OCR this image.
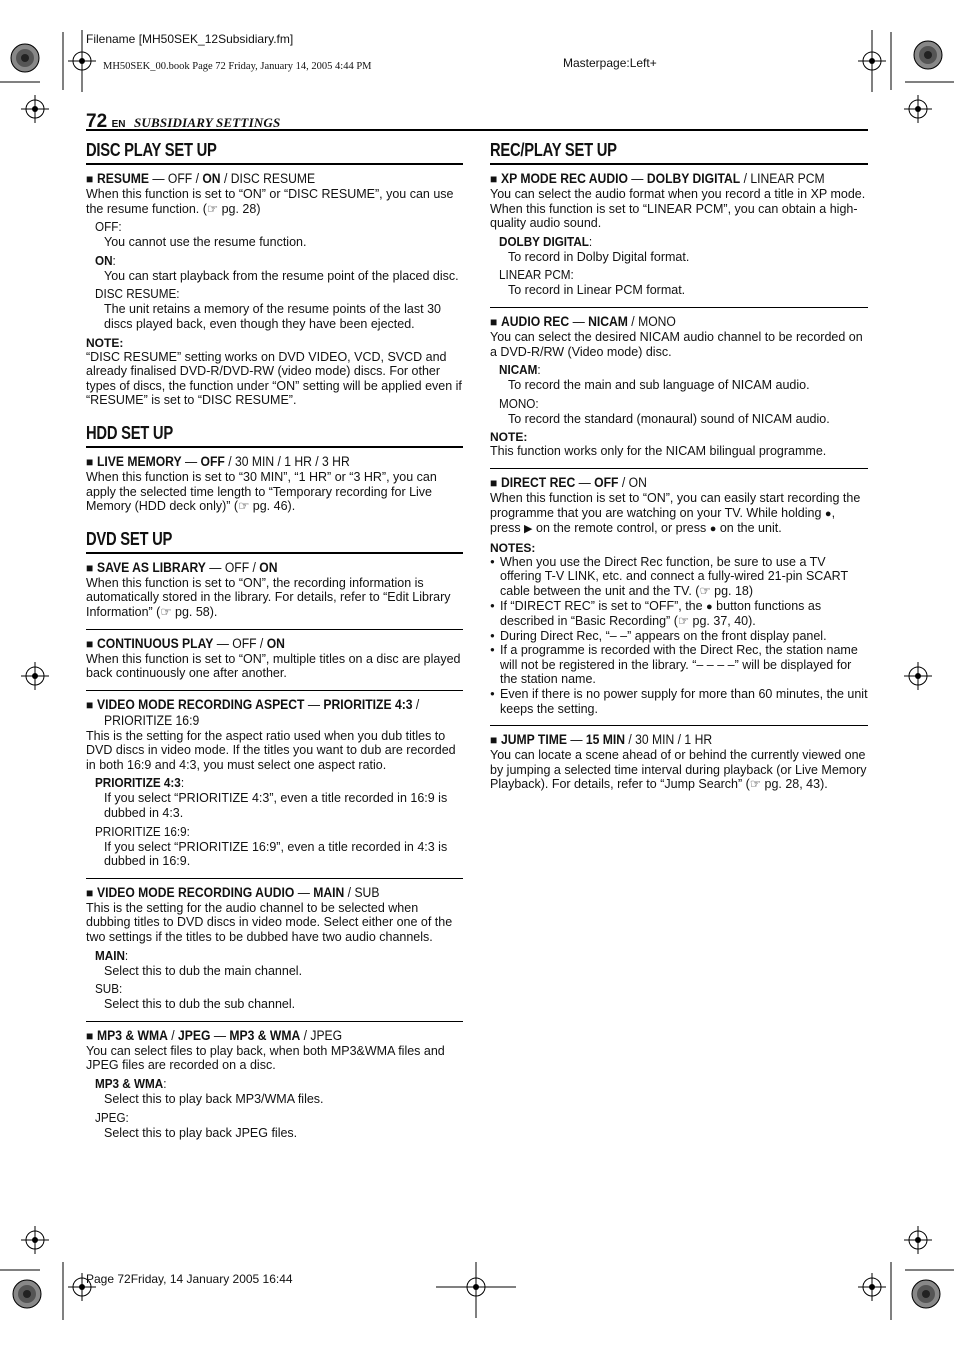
Filename [MH50SEK_12Subsidiary.fm]
MH50SEK_00.book Page 72 Friday, January 14, 2005 4:44 PM	Masterpage:Left+
72 EN SUBSIDIARY SETTINGS
DISC PLAY SET UP
■ RESUME — OFF / ON / DISC RESUME

When this function is set to “ON” or “DISC RESUME”, you can use the resume function. (☞ pg. 28)

OFF:

You cannot use the resume function.

ON:

You can start playback from the resume point of the placed disc.

DISC RESUME:

The unit retains a memory of the resume points of the last 30 discs played back, even though they have been ejected.

NOTE:

“DISC RESUME” setting works on DVD VIDEO, VCD, SVCD and already finalised DVD-R/DVD-RW (video mode) discs. For other types of discs, the function under “ON” setting will be applied even if “RESUME” is set to “DISC RESUME”.

HDD SET UP
■ LIVE MEMORY — OFF / 30 MIN / 1 HR / 3 HR

When this function is set to “30 MIN”, “1 HR” or “3 HR”, you can apply the selected time length to “Temporary recording for Live Memory (HDD deck only)” (☞ pg. 46).

DVD SET UP
■ SAVE AS LIBRARY — OFF / ON

When this function is set to “ON”, the recording information is automatically stored in the library. For details, refer to “Edit Library Information” (☞ pg. 58).

■ CONTINUOUS PLAY — OFF / ON

When this function is set to “ON”, multiple titles on a disc are played back continuously one after another.

■ VIDEO MODE RECORDING ASPECT — PRIORITIZE 4:3 /
PRIORITIZE 16:9

This is the setting for the aspect ratio used when you dub titles to DVD discs in video mode. If the titles you want to dub are recorded in both 16:9 and 4:3, you must select one aspect ratio.

PRIORITIZE 4:3:

If you select “PRIORITIZE 4:3”, even a title recorded in 16:9 is dubbed in 4:3.

PRIORITIZE 16:9:

If you select “PRIORITIZE 16:9”, even a title recorded in 4:3 is dubbed in 16:9.

■ VIDEO MODE RECORDING AUDIO — MAIN / SUB

This is the setting for the audio channel to be selected when dubbing titles to DVD discs in video mode. Select either one of the two settings if the titles to be dubbed have two audio channels.

MAIN:

Select this to dub the main channel.

SUB:

Select this to dub the sub channel.

■ MP3 & WMA / JPEG — MP3 & WMA / JPEG

You can select files to play back, when both MP3&WMA files and JPEG files are recorded on a disc.

MP3 & WMA:

Select this to play back MP3/WMA files.

JPEG:

Select this to play back JPEG files.

REC/PLAY SET UP
■ XP MODE REC AUDIO — DOLBY DIGITAL / LINEAR PCM

You can select the audio format when you record a title in XP mode. When this function is set to “LINEAR PCM”, you can obtain a high-quality audio sound.

DOLBY DIGITAL:

To record in Dolby Digital format.

LINEAR PCM:

To record in Linear PCM format.

■ AUDIO REC — NICAM / MONO

You can select the desired NICAM audio channel to be recorded on a DVD-R/RW (Video mode) disc.

NICAM:

To record the main and sub language of NICAM audio.

MONO:

To record the standard (monaural) sound of NICAM audio.

NOTE:

This function works only for the NICAM bilingual programme.

■ DIRECT REC — OFF / ON

When this function is set to “ON”, you can easily start recording the programme that you are watching on your TV. While holding ●, press ▶ on the remote control, or press ● on the unit.

NOTES:
● When you use the Direct Rec function, be sure to use a TV offering T-V LINK, etc. and connect a fully-wired 21-pin SCART cable between the unit and the TV. (☞ pg. 18)
● If “DIRECT REC” is set to “OFF”, the ● button functions as described in “Basic Recording” (☞ pg. 37, 40).
● During Direct Rec, “– –” appears on the front display panel.
● If a programme is recorded with the Direct Rec, the station name will not be registered in the library. “– – – –” will be displayed for the station name.
● Even if there is no power supply for more than 60 minutes, the unit keeps the setting.
■ JUMP TIME — 15 MIN / 30 MIN / 1 HR

You can locate a scene ahead of or behind the currently viewed one by jumping a selected time interval during playback (or Live Memory Playback). For details, refer to “Jump Search” (☞ pg. 28, 43).

Page 72Friday, 14 January 2005 16:44
